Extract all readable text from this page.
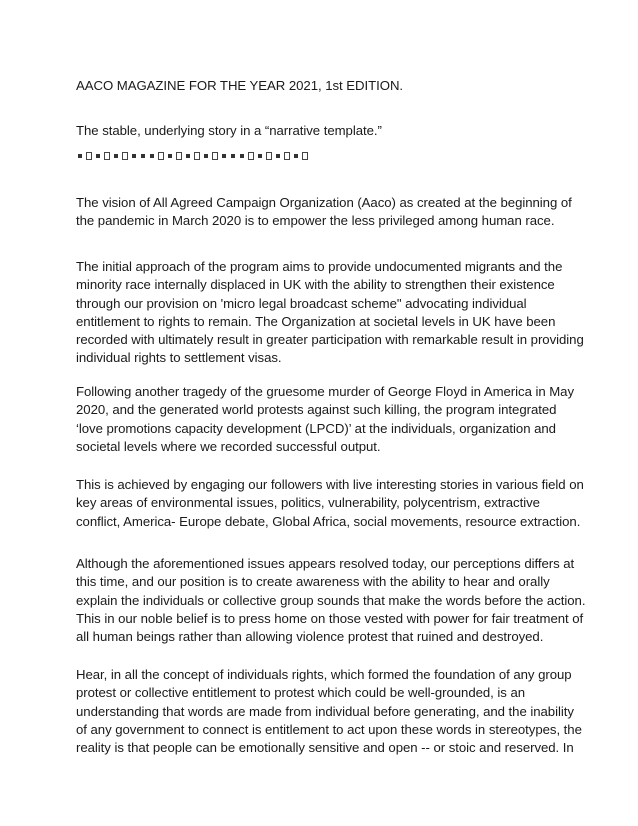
AACO MAGAZINE FOR THE YEAR 2021, 1st EDITION.
The stable, underlying story in a “narrative template.”
The vision of All Agreed Campaign Organization (Aaco) as created at the beginning of
the pandemic in March 2020 is to empower the less privileged among human race.
The initial approach of the program aims to provide undocumented migrants and the
minority race internally displaced in UK with the ability to strengthen their existence
through our provision on 'micro legal broadcast scheme" advocating individual
entitlement to rights to remain. The Organization at societal levels in UK have been
recorded with ultimately result in greater participation with remarkable result in providing
individual rights to settlement visas.
Following another tragedy of the gruesome murder of George Floyd in America in May
2020, and the generated world protests against such killing, the program integrated
‘love promotions capacity development (LPCD)’ at the individuals, organization and
societal levels where we recorded successful output.
This is achieved by engaging our followers with live interesting stories in various field on
key areas of environmental issues, politics, vulnerability, polycentrism, extractive
conflict, America- Europe debate, Global Africa, social movements, resource extraction.
Although the aforementioned issues appears resolved today, our perceptions differs at
this time, and our position is to create awareness with the ability to hear and orally
explain the individuals or collective group sounds that make the words before the action.
This in our noble belief is to press home on those vested with power for fair treatment of
all human beings rather than allowing violence protest that ruined and destroyed.
Hear, in all the concept of individuals rights, which formed the foundation of any group
protest or collective entitlement to protest which could be well-grounded, is an
understanding that words are made from individual before generating, and the inability
of any government to connect is entitlement to act upon these words in stereotypes, the
reality is that people can be emotionally sensitive and open -- or stoic and reserved. In
